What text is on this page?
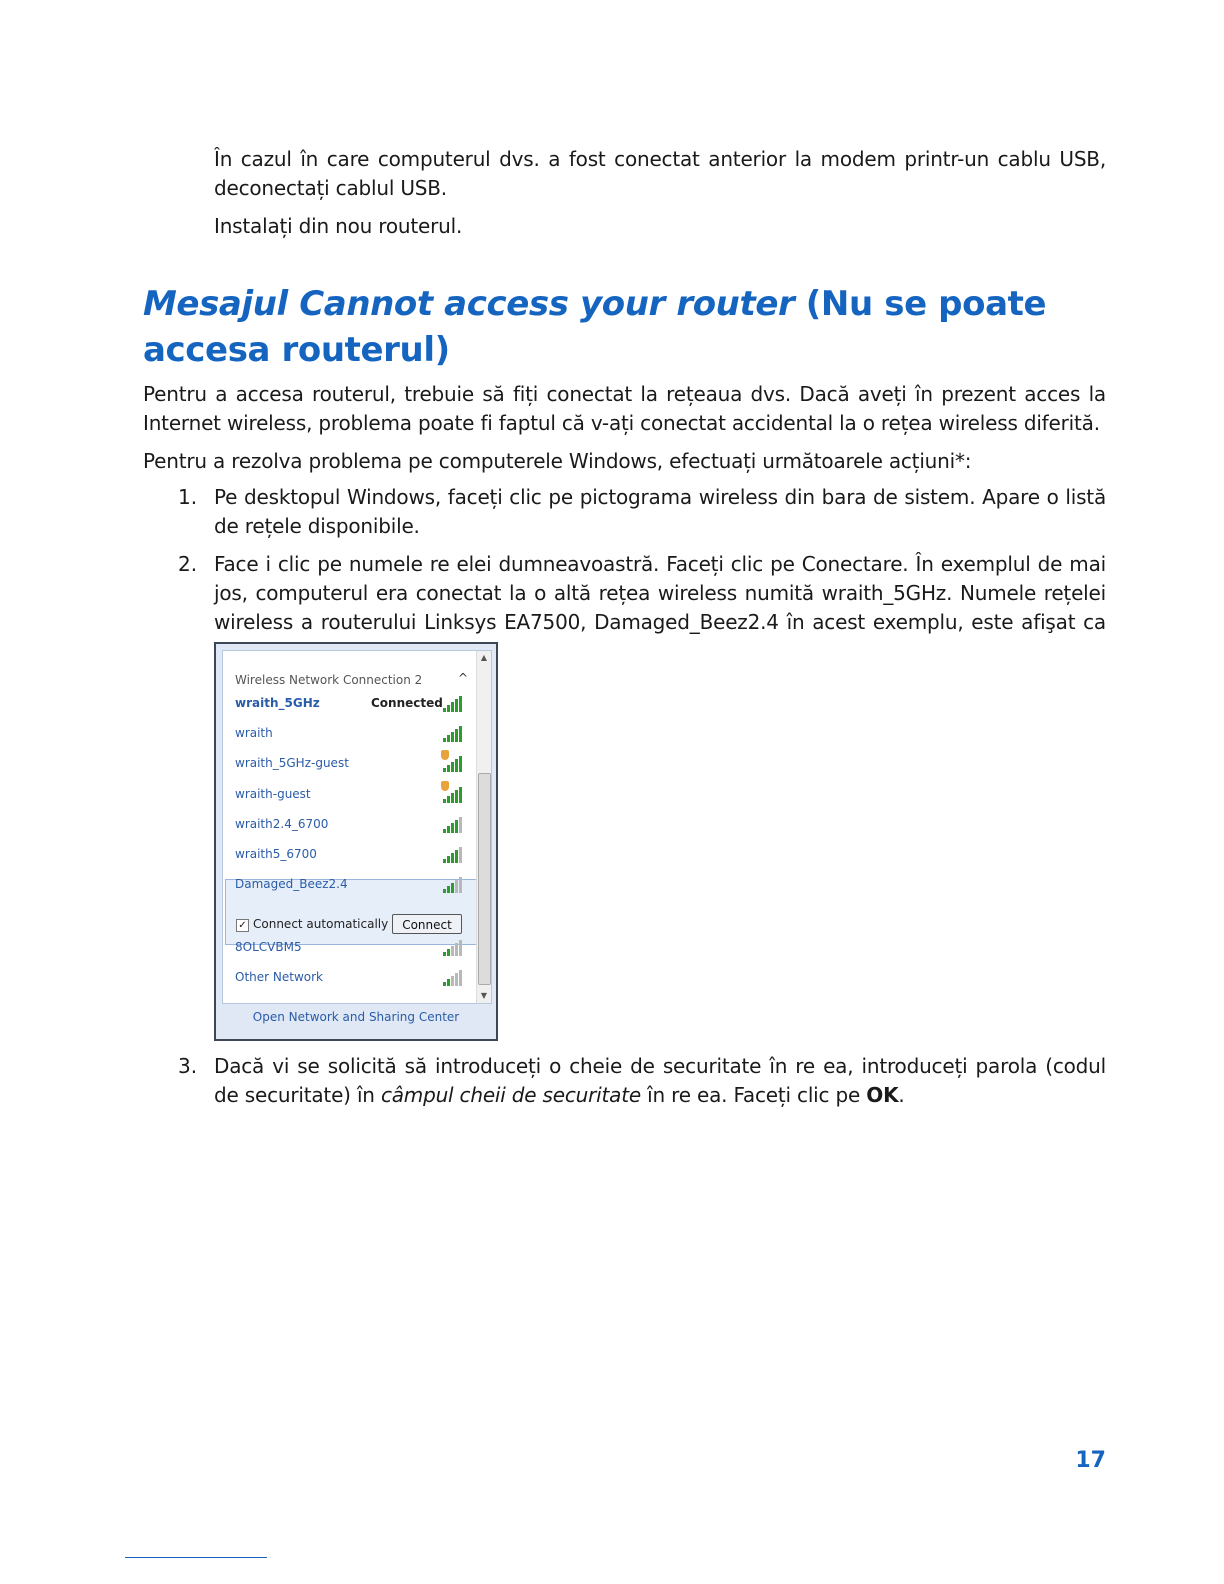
În cazul în care computerul dvs. a fost conectat anterior la modem printr-un cablu USB, deconectați cablul USB.

Instalați din nou routerul.

Mesajul Cannot access your router (Nu se poate accesa routerul)

Pentru a accesa routerul, trebuie să fiți conectat la rețeaua dvs. Dacă aveți în prezent acces la Internet wireless, problema poate fi faptul că v-ați conectat accidental la o rețea wireless diferită.

Pentru a rezolva problema pe computerele Windows, efectuați următoarele acțiuni*:

1. Pe desktopul Windows, faceți clic pe pictograma wireless din bara de sistem. Apare o listă de rețele disponibile.

2. Face i clic pe numele re elei dumneavoastră. Faceți clic pe Conectare. În exemplul de mai jos, computerul era conectat la o altă rețea wireless numită wraith_5GHz. Numele rețelei wireless a routerului Linksys EA7500, Damaged_Beez2.4 în acest exemplu, este afişat ca

Wireless Network Connection 2	^
✓ Connect automatically	Connect
wraith_5GHz	Connected
wraith
wraith_5GHz-guest
wraith-guest
wraith2.4_6700
wraith5_6700
Damaged_Beez2.4
8OLCVBM5
Other Network
▲
▼
Open Network and Sharing Center
3. Dacă vi se solicită să introduceți o cheie de securitate în re ea, introduceți parola (codul de securitate) în câmpul cheii de securitate în re ea. Faceți clic pe OK.

17
